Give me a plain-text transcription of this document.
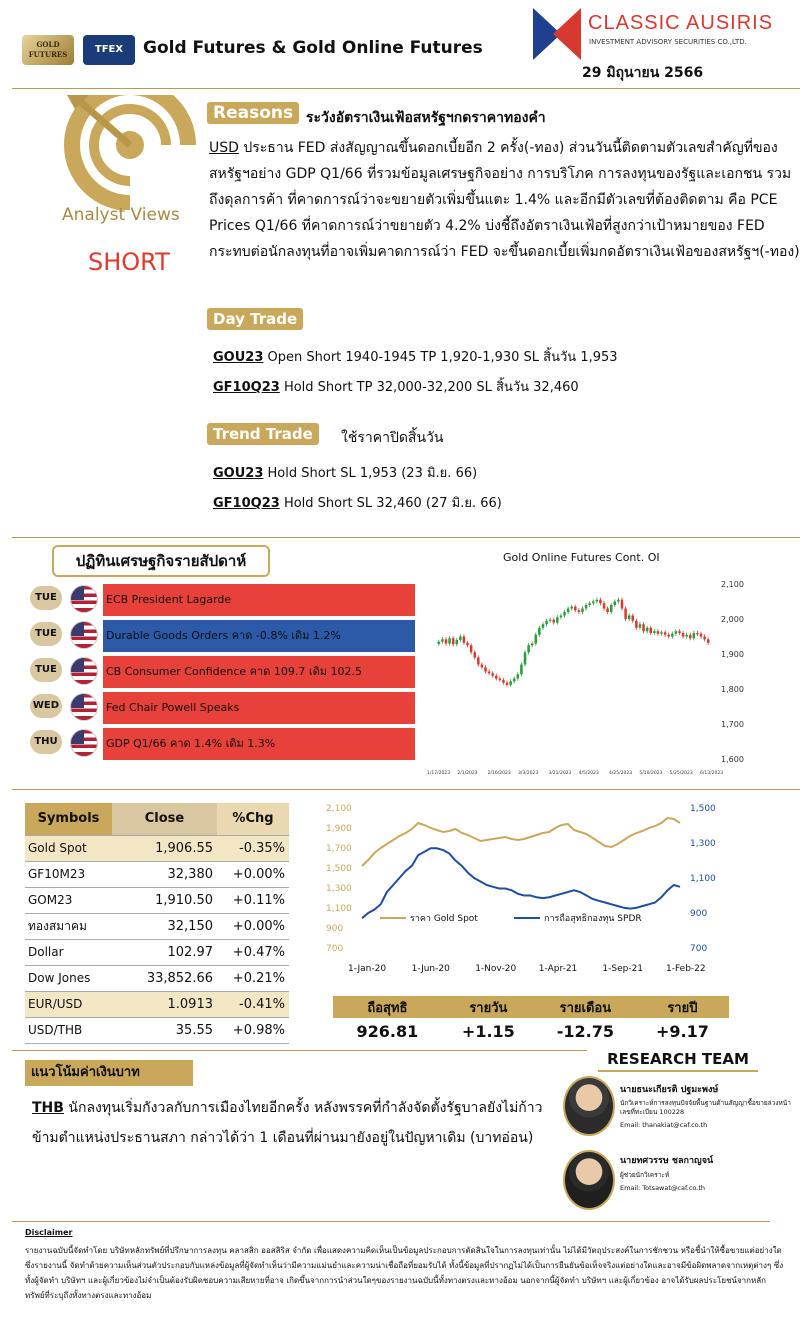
GOLD FUTURES	TFEX	Gold Futures & Gold Online Futures
CLASSIC AUSIRIS
INVESTMENT ADVISORY SECURITIES CO.,LTD.
29 มิถุนายน 2566
Analyst Views
SHORT
Reasons ระวังอัตราเงินเฟ้อสหรัฐฯกดราคาทองคำ
USD ประธาน FED ส่งสัญญาณขึ้นดอกเบี้ยอีก 2 ครั้ง(-ทอง) ส่วนวันนี้ติดตามตัวเลขสำคัญที่ของสหรัฐฯอย่าง GDP Q1/66 ที่รวมข้อมูลเศรษฐกิจอย่าง การบริโภค การลงทุนของรัฐและเอกชน รวมถึงดุลการค้า ที่คาดการณ์ว่าจะขยายตัวเพิ่มขึ้นแตะ 1.4% และอีกมีตัวเลขที่ต้องติดตาม คือ PCE Prices Q1/66 ที่คาดการณ์ว่าขยายตัว 4.2% บ่งชี้ถึงอัตราเงินเฟ้อที่สูงกว่าเป้าหมายของ FED กระทบต่อนักลงทุนที่อาจเพิ่มคาดการณ์ว่า FED จะขึ้นดอกเบี้ยเพิ่มกดอัตราเงินเฟ้อของสหรัฐฯ(-ทอง)
Day Trade
GOU23 Open Short 1940-1945 TP 1,920-1,930 SL สิ้นวัน 1,953
GF10Q23 Hold Short TP 32,000-32,200 SL สิ้นวัน 32,460
Trend Trade	ใช้ราคาปิดสิ้นวัน
GOU23 Hold Short SL 1,953 (23 มิ.ย. 66)
GF10Q23 Hold Short SL 32,460 (27 มิ.ย. 66)
ปฏิทินเศรษฐกิจรายสัปดาห์
TUE	ECB President Lagarde
TUE	Durable Goods Orders คาด -0.8% เดิม 1.2%
TUE	CB Consumer Confidence คาด 109.7 เดิม 102.5
WED	Fed Chair Powell Speaks
THU	GDP Q1/66 คาด 1.4% เดิม 1.3%
Gold Online Futures Cont. OI
2,100
2,000
1,900
1,800
1,700
1,600
1/17/2023 2/1/2023 2/16/2023 3/3/2023 3/21/2023 4/5/2023 4/25/2023 5/10/2023 5/25/2023 6/13/2023
Symbols	Close	%Chg
Gold Spot	1,906.55	-0.35%
GF10M23	32,380	+0.00%
GOM23	1,910.50	+0.11%
ทองสมาคม	32,150	+0.00%
Dollar	102.97	+0.47%
Dow Jones	33,852.66	+0.21%
EUR/USD	1.0913	-0.41%
USD/THB	35.55	+0.98%
2,100
1,900
1,700
1,500
1,300
1,100
900
700
1,500
1,300
1,100
900
700
1-Jan-20	1-Jun-20	1-Nov-20	1-Apr-21	1-Sep-21	1-Feb-22
ราคา Gold Spot	การถือสุทธิกองทุน SPDR
ถือสุทธิ	รายวัน	รายเดือน	รายปี
926.81	+1.15	-12.75	+9.17
แนวโน้มค่าเงินบาท
THB นักลงทุนเริ่มกังวลกับการเมืองไทยอีกครั้ง หลังพรรคที่กำลังจัดตั้งรัฐบาลยังไม่ก้าวข้ามตำแหน่งประธานสภา กล่าวได้ว่า 1 เดือนที่ผ่านมายังอยู่ในปัญหาเดิม (บาทอ่อน)
RESEARCH TEAM
นายธนะเกียรติ ปฐมะพงษ์
นักวิเคราะห์การลงทุนปัจจัยพื้นฐานด้านสัญญาซื้อขายล่วงหน้า เลขที่ทะเบียน 100228
Email: thanakiat@caf.co.th
นายทศวรรษ ชลกาญจน์
ผู้ช่วยนักวิเคราะห์
Email: Totsawat@caf.co.th
Disclaimer
รายงานฉบับนี้จัดทำโดย บริษัทหลักทรัพย์ที่ปรึกษาการลงทุน คลาสสิก ออสสิริส จำกัด เพื่อแสดงความคิดเห็นเป็นข้อมูลประกอบการตัดสินใจในการลงทุนเท่านั้น ไม่ได้มีวัตถุประสงค์ในการชักชวน หรือชี้นำให้ซื้อขายแต่อย่างใด ซึ่งรายงานนี้ จัดทำด้วยความเห็นส่วนตัวประกอบกับแหล่งข้อมูลที่ผู้จัดทำเห็นว่ามีความแม่นยำและความน่าเชื่อถือที่ยอมรับได้ ทั้งนี้ข้อมูลที่ปรากฏไม่ได้เป็นการยืนยันข้อเท็จจริงแต่อย่างใดและอาจมีข้อผิดพลาดจากเหตุต่างๆ ซึ่งทั้งผู้จัดทำ บริษัทฯ และผู้เกี่ยวข้องไม่จำเป็นต้องรับผิดชอบความเสียหายที่อาจ เกิดขึ้นจากการนำส่วนใดๆของรายงานฉบับนี้ทั้งทางตรงและทางอ้อม นอกจากนี้ผู้จัดทำ บริษัทฯ และผู้เกี่ยวข้อง อาจได้รับผลประโยชน์จากหลักทรัพย์ที่ระบุถึงทั้งทางตรงและทางอ้อม
